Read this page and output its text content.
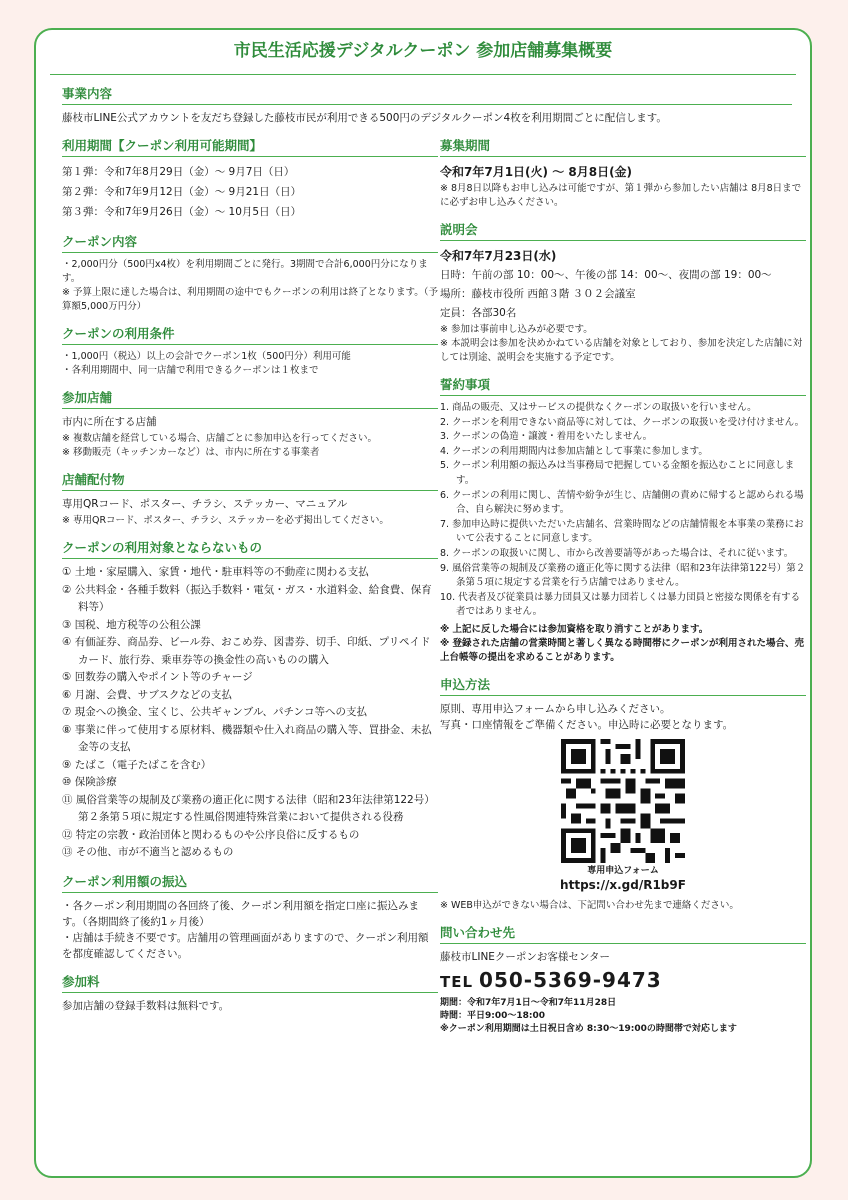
市民生活応援デジタルクーポン 参加店舗募集概要
事業内容

藤枝市LINE公式アカウントを友だち登録した藤枝市民が利用できる500円のデジタルクーポン4枚を利用期間ごとに配信します。

利用期間【クーポン利用可能期間】
第１弾：令和7年8月29日（金）～ 9月7日（日）
第２弾：令和7年9月12日（金）～ 9月21日（日）
第３弾：令和7年9月26日（金）～ 10月5日（日）
クーポン内容

・2,000円分（500円x4枚）を利用期間ごとに発行。3期間で合計6,000円分になります。

※ 予算上限に達した場合は、利用期間の途中でもクーポンの利用は終了となります。（予算額5,000万円分）

クーポンの利用条件

・1,000円（税込）以上の会計でクーポン1枚（500円分）利用可能

・各利用期間中、同一店舗で利用できるクーポンは１枚まで

参加店舗

市内に所在する店舗

※ 複数店舗を経営している場合、店舗ごとに参加申込を行ってください。

※ 移動販売（キッチンカーなど）は、市内に所在する事業者

店舗配付物

専用QRコード、ポスター、チラシ、ステッカー、マニュアル

※ 専用QRコード、ポスター、チラシ、ステッカーを必ず掲出してください。

クーポンの利用対象とならないもの
① 土地・家屋購入、家賃・地代・駐車料等の不動産に関わる支払
② 公共料金・各種手数料（振込手数料・電気・ガス・水道料金、給食費、保育料等）
③ 国税、地方税等の公租公課
④ 有価証券、商品券、ビール券、おこめ券、図書券、切手、印紙、プリペイドカード、旅行券、乗車券等の換金性の高いものの購入
⑤ 回数券の購入やポイント等のチャージ
⑥ 月謝、会費、サブスクなどの支払
⑦ 現金への換金、宝くじ、公共ギャンブル、パチンコ等への支払
⑧ 事業に伴って使用する原材料、機器類や仕入れ商品の購入等、買掛金、未払金等の支払
⑨ たばこ（電子たばこを含む）
⑩ 保険診療
⑪ 風俗営業等の規制及び業務の適正化に関する法律（昭和23年法律第122号）第２条第５項に規定する性風俗関連特殊営業において提供される役務
⑫ 特定の宗教・政治団体と関わるものや公序良俗に反するもの
⑬ その他、市が不適当と認めるもの
クーポン利用額の振込

・各クーポン利用期間の各回終了後、クーポン利用額を指定口座に振込みます。（各期間終了後約1ヶ月後）

・店舗は手続き不要です。店舗用の管理画面がありますので、クーポン利用額を都度確認してください。

参加料

参加店舗の登録手数料は無料です。

募集期間

令和7年7月1日(火) ～ 8月8日(金)

※ 8月8日以降もお申し込みは可能ですが、第１弾から参加したい店舗は 8月8日までに必ずお申し込みください。

説明会

令和7年7月23日(水)

日時：午前の部 10：00～、午後の部 14：00～、夜間の部 19：00～

場所：藤枝市役所 西館３階 ３０２会議室

定員：各部30名

※ 参加は事前申し込みが必要です。

※ 本説明会は参加を決めかねている店舗を対象としており、参加を決定した店舗に対しては別途、説明会を実施する予定です。

誓約事項
1. 商品の販売、又はサービスの提供なくクーポンの取扱いを行いません。
2. クーポンを利用できない商品等に対しては、クーポンの取扱いを受け付けません。
3. クーポンの偽造・譲渡・着用をいたしません。
4. クーポンの利用期間内は参加店舗として事業に参加します。
5. クーポン利用額の振込みは当事務局で把握している金額を振込むことに同意します。
6. クーポンの利用に関し、苦情や紛争が生じ、店舗側の責めに帰すると認められる場合、自ら解決に努めます。
7. 参加申込時に提供いただいた店舗名、営業時間などの店舗情報を本事業の業務において公表することに同意します。
8. クーポンの取扱いに関し、市から改善要請等があった場合は、それに従います。
9. 風俗営業等の規制及び業務の適正化等に関する法律（昭和23年法律第122号）第２条第５項に規定する営業を行う店舗ではありません。
10. 代表者及び従業員は暴力団員又は暴力団若しくは暴力団員と密接な関係を有する者ではありません。

※ 上記に反した場合には参加資格を取り消すことがあります。

※ 登録された店舗の営業時間と著しく異なる時間帯にクーポンが利用された場合、売上台帳等の提出を求めることがあります。

申込方法

原則、専用申込フォームから申し込みください。

写真・口座情報をご準備ください。申込時に必要となります。

専用申込フォーム

https://x.gd/R1b9F

※ WEB申込ができない場合は、下記問い合わせ先まで連絡ください。

問い合わせ先

藤枝市LINEクーポンお客様センター

TEL 050-5369-9473

期間：令和7年7月1日～令和7年11月28日

時間：平日9:00～18:00

※クーポン利用期間は土日祝日含め 8:30～19:00の時間帯で対応します
